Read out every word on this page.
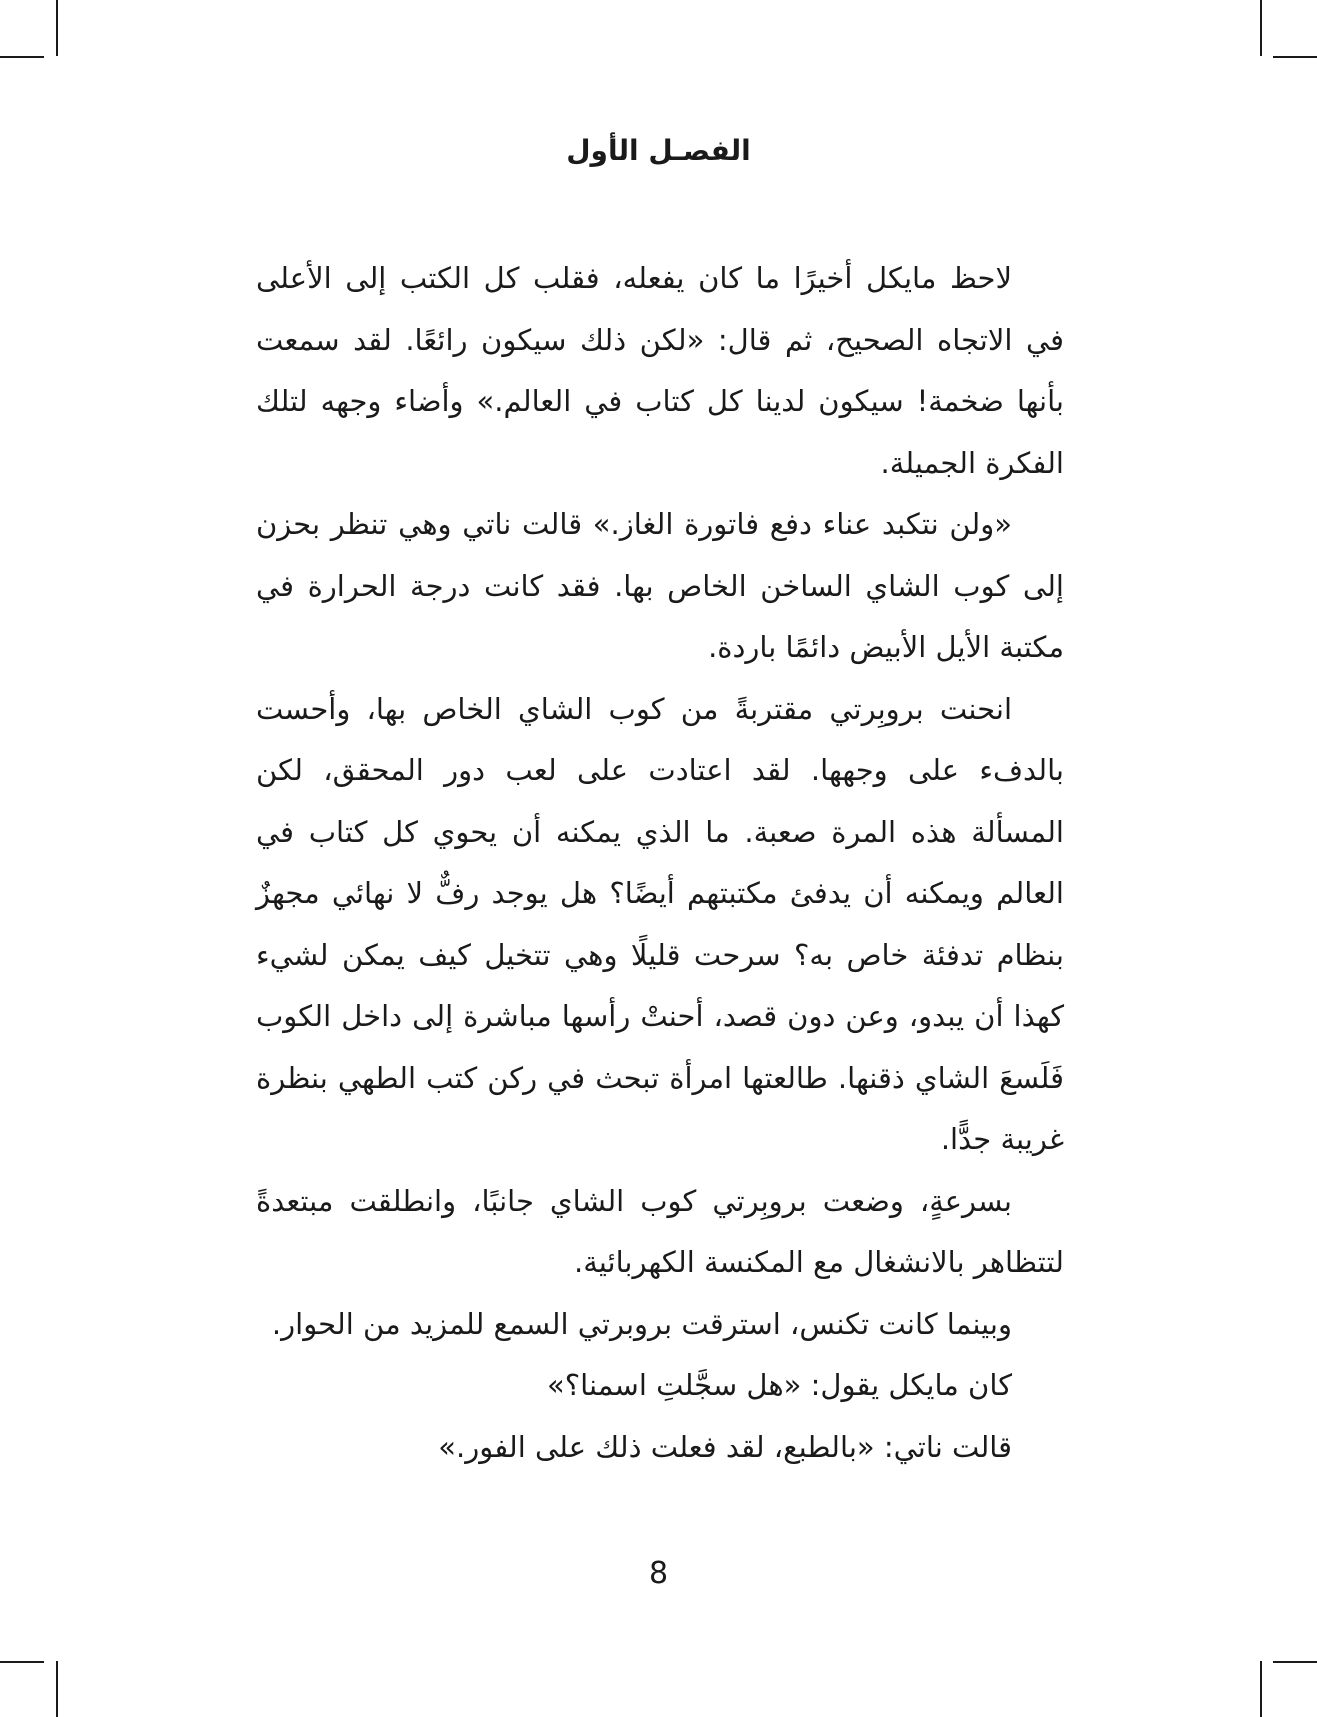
الفصـل الأول

لاحظ مايكل أخيرًا ما كان يفعله، فقلب كل الكتب إلى الأعلى في الاتجاه الصحيح، ثم قال: «لكن ذلك سيكون رائعًا. لقد سمعت بأنها ضخمة! سيكون لدينا كل كتاب في العالم.» وأضاء وجهه لتلك الفكرة الجميلة.

«ولن نتكبد عناء دفع فاتورة الغاز.» قالت ناتي وهي تنظر بحزن إلى كوب الشاي الساخن الخاص بها. فقد كانت درجة الحرارة في مكتبة الأيل الأبيض دائمًا باردة.

انحنت بروبِرتي مقتربةً من كوب الشاي الخاص بها، وأحست بالدفء على وجهها. لقد اعتادت على لعب دور المحقق، لكن المسألة هذه المرة صعبة. ما الذي يمكنه أن يحوي كل كتاب في العالم ويمكنه أن يدفئ مكتبتهم أيضًا؟ هل يوجد رفٌّ لا نهائي مجهزٌ بنظام تدفئة خاص به؟ سرحت قليلًا وهي تتخيل كيف يمكن لشيء كهذا أن يبدو، وعن دون قصد، أحنتْ رأسها مباشرة إلى داخل الكوب فَلَسعَ الشاي ذقنها. طالعتها امرأة تبحث في ركن كتب الطهي بنظرة غريبة جدًّا.

بسرعةٍ، وضعت بروبِرتي كوب الشاي جانبًا، وانطلقت مبتعدةً لتتظاهر بالانشغال مع المكنسة الكهربائية.

وبينما كانت تكنس، استرقت بروبرتي السمع للمزيد من الحوار.

كان مايكل يقول: «هل سجَّلتِ اسمنا؟»

قالت ناتي: «بالطبع، لقد فعلت ذلك على الفور.»

8
